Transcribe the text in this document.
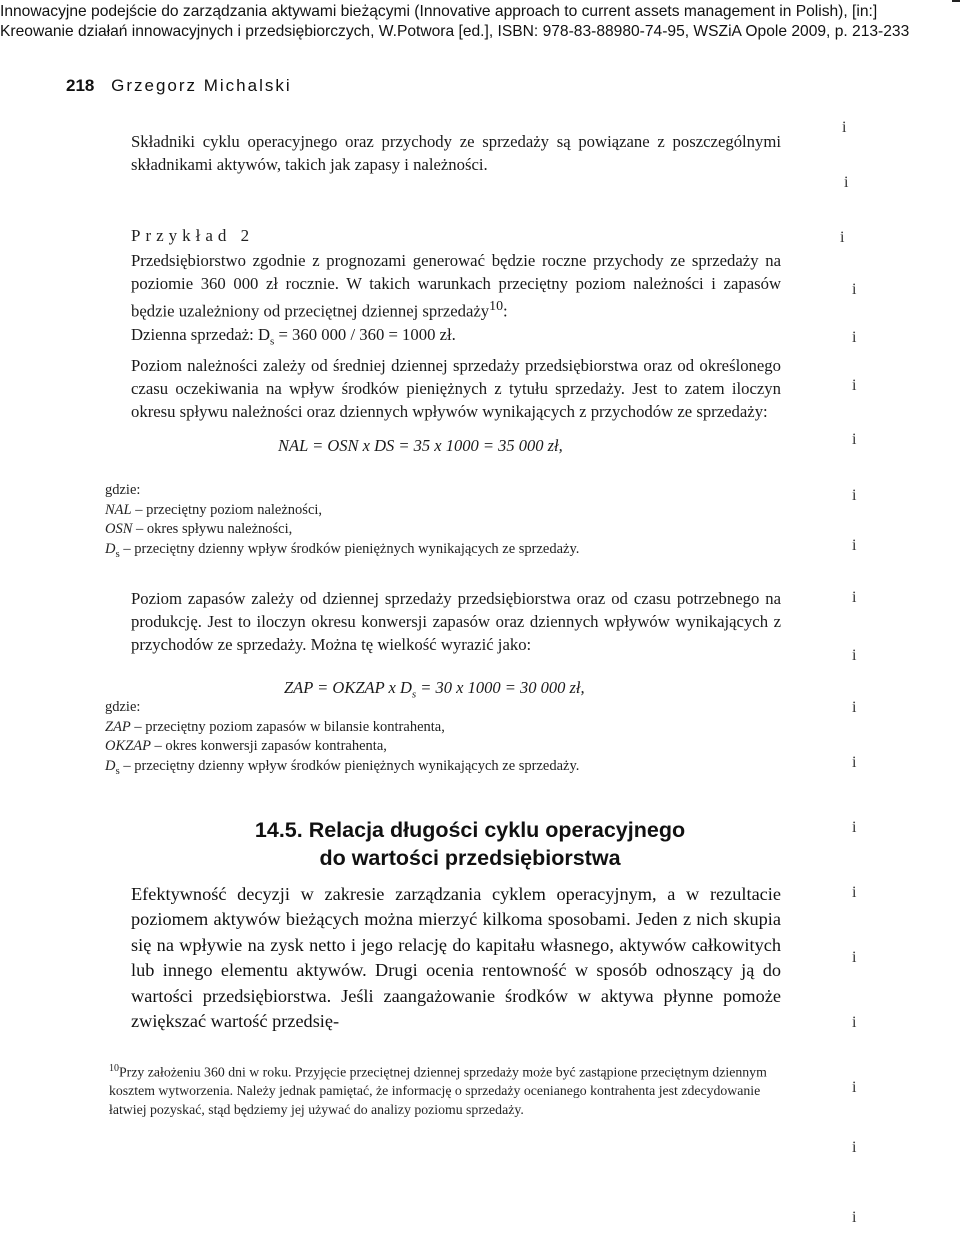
Innowacyjne podejście do zarządzania aktywami bieżącymi (Innovative approach to current assets management in Polish), [in:]
Kreowanie działań innowacyjnych i przedsiębiorczych, W.Potwora [ed.], ISBN: 978-83-88980-74-95, WSZiA Opole 2009, p. 213-233
218 Grzegorz Michalski
Składniki cyklu operacyjnego oraz przychody ze sprzedaży są powiązane z poszczególnymi składnikami aktywów, takich jak zapasy i należności.
Przykład 2
Przedsiębiorstwo zgodnie z prognozami generować będzie roczne przychody ze sprzedaży na poziomie 360 000 zł rocznie. W takich warunkach przeciętny poziom należności i zapasów będzie uzależniony od przeciętnej dziennej sprzedaży$^{10}$:
Dzienna sprzedaż: $D_s = 360$ 000 / 360 = 1000 zł.
Poziom należności zależy od średniej dziennej sprzedaży przedsiębiorstwa oraz od określonego czasu oczekiwania na wpływ środków pieniężnych z tytułu sprzedaży. Jest to zatem iloczyn okresu spływu należności oraz dziennych wpływów wynikających z przychodów ze sprzedaży:
NAL = OSN x DS = 35 x 1000 = 35 000 zł,
gdzie:
NAL – przeciętny poziom należności,
OSN – okres spływu należności,
$D_s$ – przeciętny dzienny wpływ środków pieniężnych wynikających ze sprzedaży.
Poziom zapasów zależy od dziennej sprzedaży przedsiębiorstwa oraz od czasu potrzebnego na produkcję. Jest to iloczyn okresu konwersji zapasów oraz dziennych wpływów wynikających z przychodów ze sprzedaży. Można tę wielkość wyrazić jako:
ZAP = OKZAP x $D_s = 30$ x 1000 = 30 000 zł,
gdzie:
ZAP – przeciętny poziom zapasów w bilansie kontrahenta,
OKZAP – okres konwersji zapasów kontrahenta,
$D_s$ – przeciętny dzienny wpływ środków pieniężnych wynikających ze sprzedaży.
14.5. Relacja długości cyklu operacyjnego
do wartości przedsiębiorstwa
Efektywność decyzji w zakresie zarządzania cyklem operacyjnym, a w rezultacie poziomem aktywów bieżących można mierzyć kilkoma sposobami. Jeden z nich skupia się na wpływie na zysk netto i jego relację do kapitału własnego, aktywów całkowitych lub innego elementu aktywów. Drugi ocenia rentowność w sposób odnoszący ją do wartości przedsiębiorstwa. Jeśli zaangażowanie środków w aktywa płynne pomoże zwiększać wartość przedsię-
$^{10}$Przy założeniu 360 dni w roku. Przyjęcie przeciętnej dziennej sprzedaży może być zastąpione przeciętnym dziennym kosztem wytworzenia. Należy jednak pamiętać, że informację o sprzedaży ocenianego kontrahenta jest zdecydowanie łatwiej pozyskać, stąd będziemy jej używać do analizy poziomu sprzedaży.
i
i
i
i
i
i
i
i
i
i
i
i
i
i
i
i
i
i
i
i
